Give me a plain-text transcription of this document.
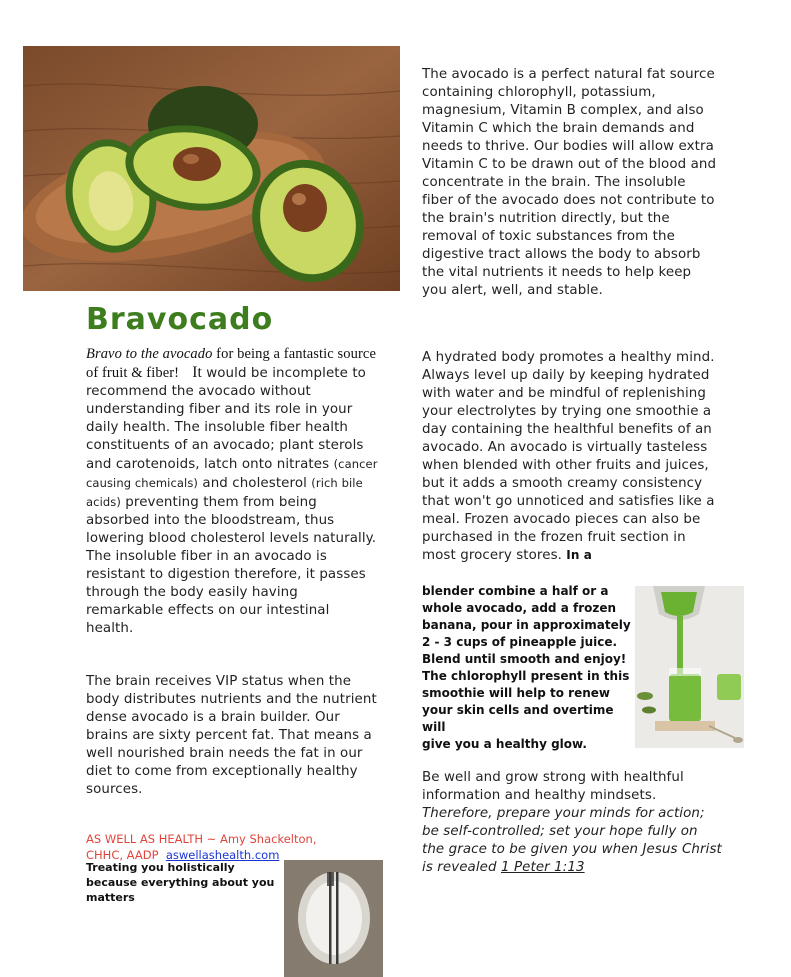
Bravocado
Bravo to the avocado for being a fantastic source of fruit & fiber! It would be incomplete to recommend the avocado without understanding fiber and its role in your daily health. The insoluble fiber health constituents of an avocado; plant sterols and carotenoids, latch onto nitrates (cancer causing chemicals) and cholesterol (rich bile acids) preventing them from being absorbed into the bloodstream, thus lowering blood cholesterol levels naturally. The insoluble fiber in an avocado is resistant to digestion therefore, it passes through the body easily having remarkable effects on our intestinal health.
The brain receives VIP status when the body distributes nutrients and the nutrient dense avocado is a brain builder. Our brains are sixty percent fat. That means a well nourished brain needs the fat in our diet to come from exceptionally healthy sources.
AS WELL AS HEALTH ~ Amy Shackelton, CHHC, AADP aswellashealth.com
Treating you holistically because everything about you matters
The avocado is a perfect natural fat source containing chlorophyll, potassium, magnesium, Vitamin B complex, and also Vitamin C which the brain demands and needs to thrive. Our bodies will allow extra Vitamin C to be drawn out of the blood and concentrate in the brain. The insoluble fiber of the avocado does not contribute to the brain's nutrition directly, but the removal of toxic substances from the digestive tract allows the body to absorb the vital nutrients it needs to help keep you alert, well, and stable.
A hydrated body promotes a healthy mind. Always level up daily by keeping hydrated with water and be mindful of replenishing your electrolytes by trying one smoothie a day containing the healthful benefits of an avocado. An avocado is virtually tasteless when blended with other fruits and juices, but it adds a smooth creamy consistency that won't go unnoticed and satisfies like a meal. Frozen avocado pieces can also be purchased in the frozen fruit section in most grocery stores. In a
blender combine a half or a
whole avocado, add a frozen
banana, pour in approximately
2 - 3 cups of pineapple juice.
Blend until smooth and enjoy!
The chlorophyll present in this
smoothie will help to renew
your skin cells and overtime will
give you a healthy glow.
Be well and grow strong with healthful information and healthy mindsets. Therefore, prepare your minds for action; be self-controlled; set your hope fully on the grace to be given you when Jesus Christ is revealed 1 Peter 1:13
